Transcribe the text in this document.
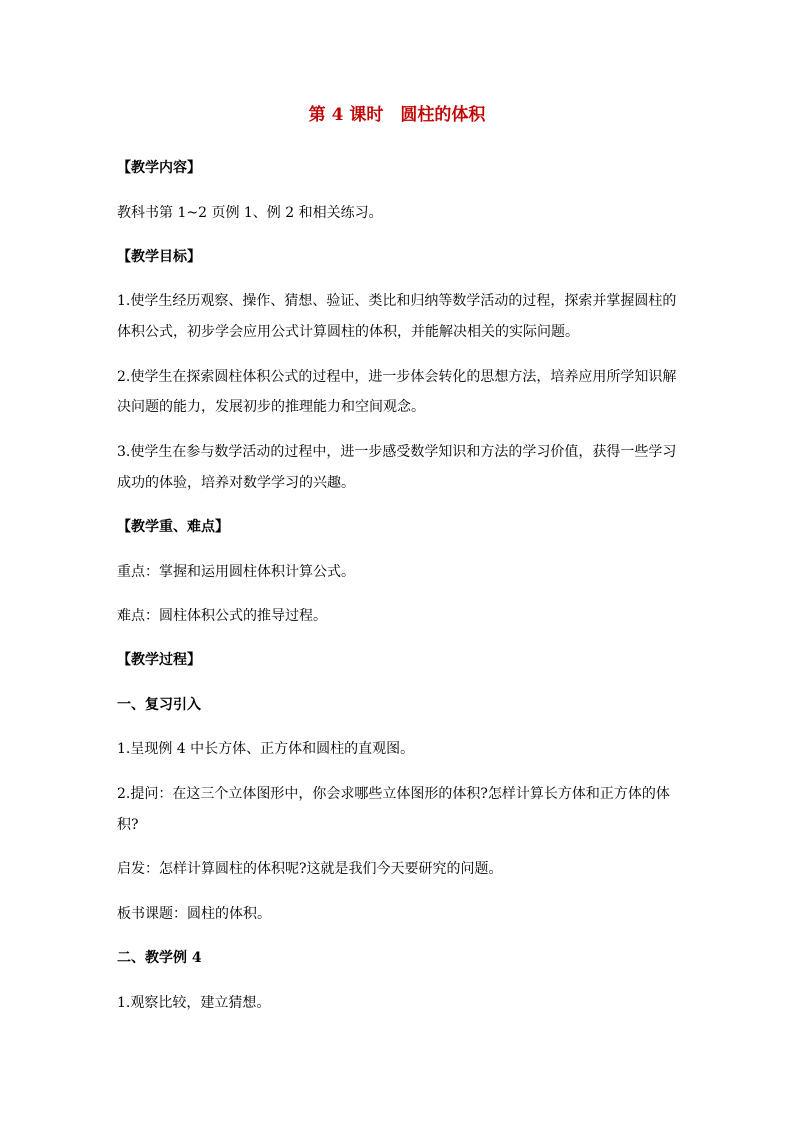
第 4 课时　圆柱的体积
【教学内容】
教科书第 1~2 页例 1、例 2 和相关练习。
【教学目标】
1.使学生经历观察、操作、猜想、验证、类比和归纳等数学活动的过程，探索并掌握圆柱的
体积公式，初步学会应用公式计算圆柱的体积，并能解决相关的实际问题。
2.使学生在探索圆柱体积公式的过程中，进一步体会转化的思想方法，培养应用所学知识解
决问题的能力，发展初步的推理能力和空间观念。
3.使学生在参与数学活动的过程中，进一步感受数学知识和方法的学习价值，获得一些学习
成功的体验，培养对数学学习的兴趣。
【教学重、难点】
重点：掌握和运用圆柱体积计算公式。
难点：圆柱体积公式的推导过程。
【教学过程】
一、复习引入
1.呈现例 4 中长方体、正方体和圆柱的直观图。
2.提问：在这三个立体图形中，你会求哪些立体图形的体积?怎样计算长方体和正方体的体
积?
启发：怎样计算圆柱的体积呢?这就是我们今天要研究的问题。
板书课题：圆柱的体积。
二、教学例 4
1.观察比较，建立猜想。
